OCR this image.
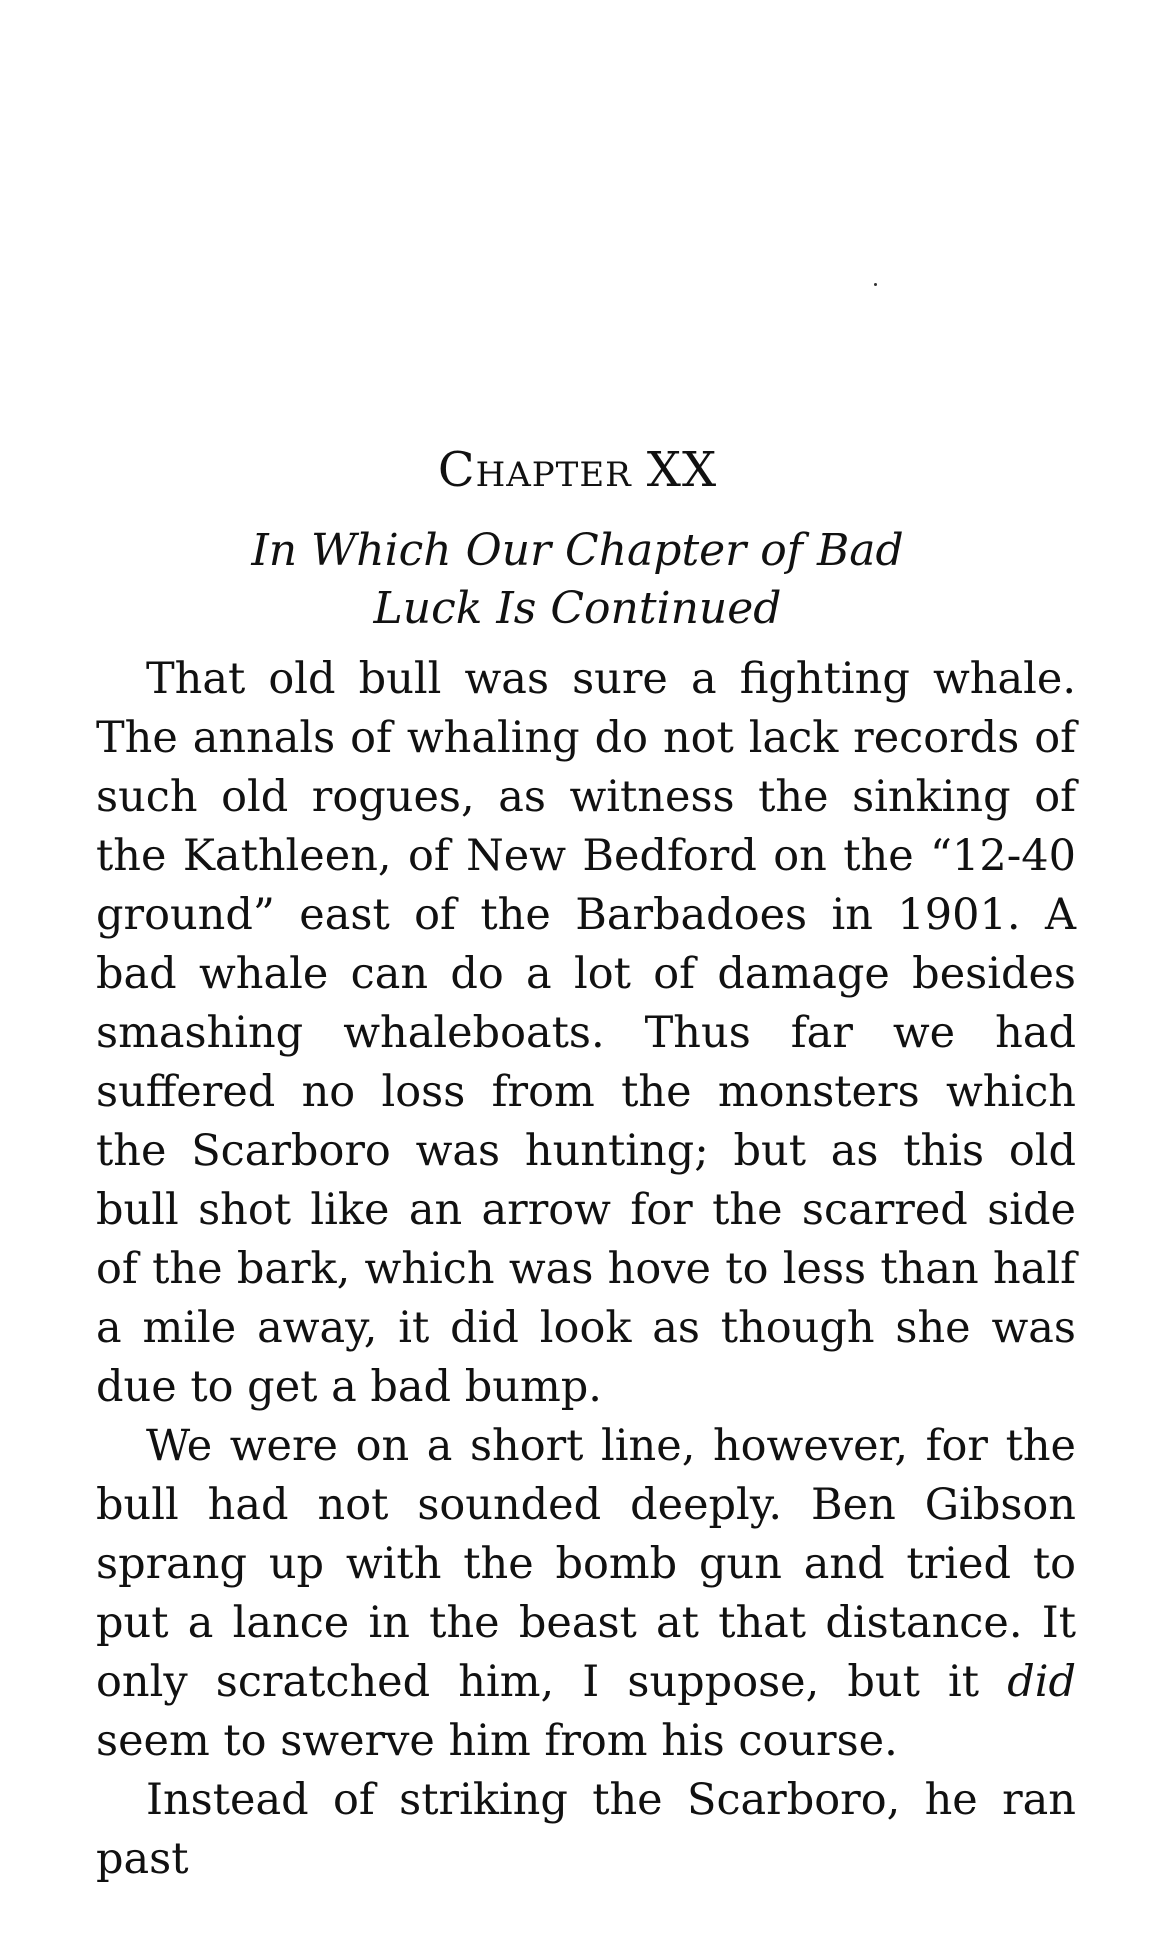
CHAPTER XX
In Which Our Chapter of Bad
Luck Is Continued

That old bull was sure a fighting whale. The annals of whaling do not lack records of such old rogues, as witness the sinking of the Kathleen, of New Bedford on the “12-40 ground” east of the Barbadoes in 1901. A bad whale can do a lot of damage besides smashing whaleboats. Thus far we had suffered no loss from the monsters which the Scarboro was hunting; but as this old bull shot like an arrow for the scarred side of the bark, which was hove to less than half a mile away, it did look as though she was due to get a bad bump.

We were on a short line, however, for the bull had not sounded deeply. Ben Gibson sprang up with the bomb gun and tried to put a lance in the beast at that distance. It only scratched him, I suppose, but it did seem to swerve him from his course.

Instead of striking the Scarboro, he ran past
